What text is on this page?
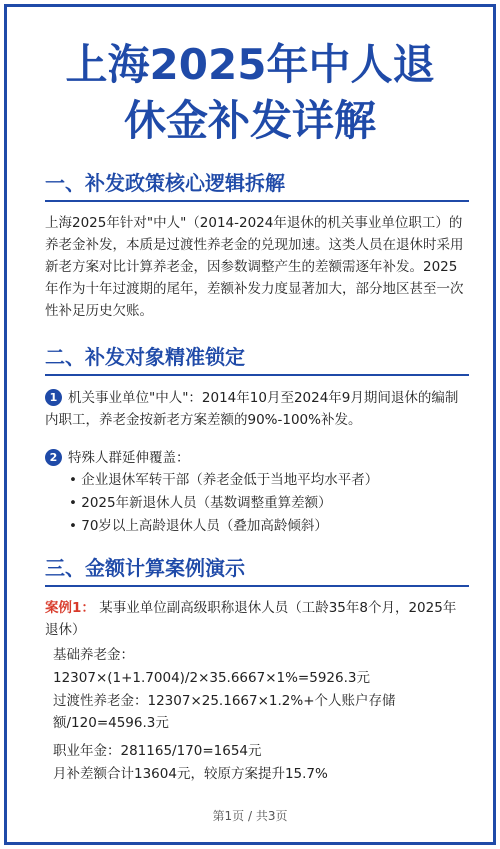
上海2025年中人退
休金补发详解
一、补发政策核心逻辑拆解
上海2025年针对"中人"（2014-2024年退休的机关事业单位职工）的养老金补发，本质是过渡性养老金的兑现加速。这类人员在退休时采用新老方案对比计算养老金，因参数调整产生的差额需逐年补发。2025年作为十年过渡期的尾年，差额补发力度显著加大，部分地区甚至一次性补足历史欠账。
二、补发对象精准锁定
1 机关事业单位"中人"：2014年10月至2024年9月期间退休的编制内职工，养老金按新老方案差额的90%-100%补发。
2 特殊人群延伸覆盖：
• 企业退休军转干部（养老金低于当地平均水平者）
• 2025年新退休人员（基数调整重算差额）
• 70岁以上高龄退休人员（叠加高龄倾斜）
三、金额计算案例演示
案例1： 某事业单位副高级职称退休人员（工龄35年8个月，2025年退休）
基础养老金：
12307×(1+1.7004)/2×35.6667×1%=5926.3元
过渡性养老金：12307×25.1667×1.2%+个人账户存储额/120=4596.3元
职业年金：281165/170=1654元
月补差额合计13604元，较原方案提升15.7%
第1页 / 共3页
